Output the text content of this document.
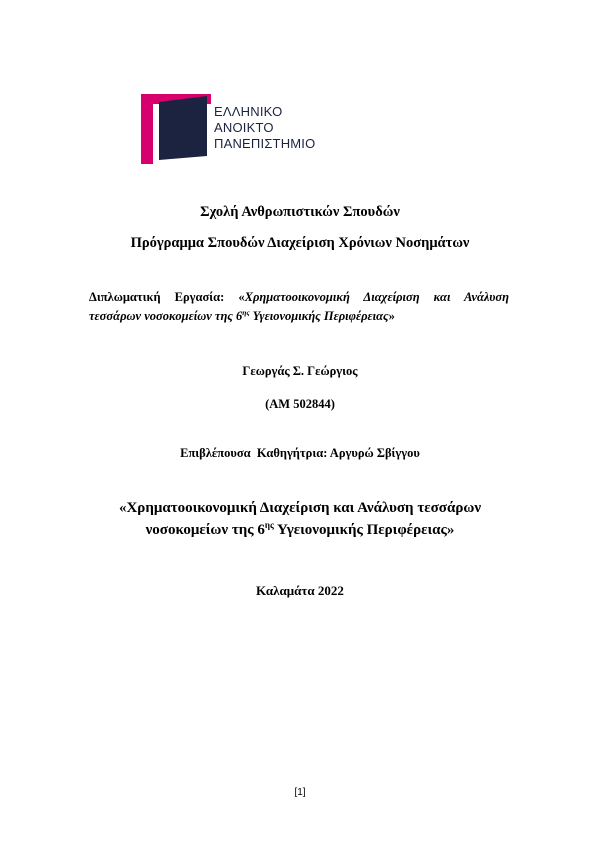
ΕΛΛΗΝΙΚΟ
ΑΝΟΙΚΤΟ
ΠΑΝΕΠΙΣΤΗΜΙΟ
Σχολή Ανθρωπιστικών Σπουδών
Πρόγραμμα Σπουδών Διαχείριση Χρόνιων Νοσημάτων
Διπλωματική Εργασία: «Χρηματοοικονομική Διαχείριση και Ανάλυση
τεσσάρων νοσοκομείων της $6^{\eta\varsigma}$ Υγειονομικής Περιφέρειας»
Γεωργάς Σ. Γεώργιος
(ΑΜ 502844)
Επιβλέπουσα  Καθηγήτρια: Αργυρώ Σβίγγου
«Χρηματοοικονομική Διαχείριση και Ανάλυση τεσσάρων
νοσοκομείων της $6^{\eta\varsigma}$ Υγειονομικής Περιφέρειας»
Καλαμάτα 2022
[1]
